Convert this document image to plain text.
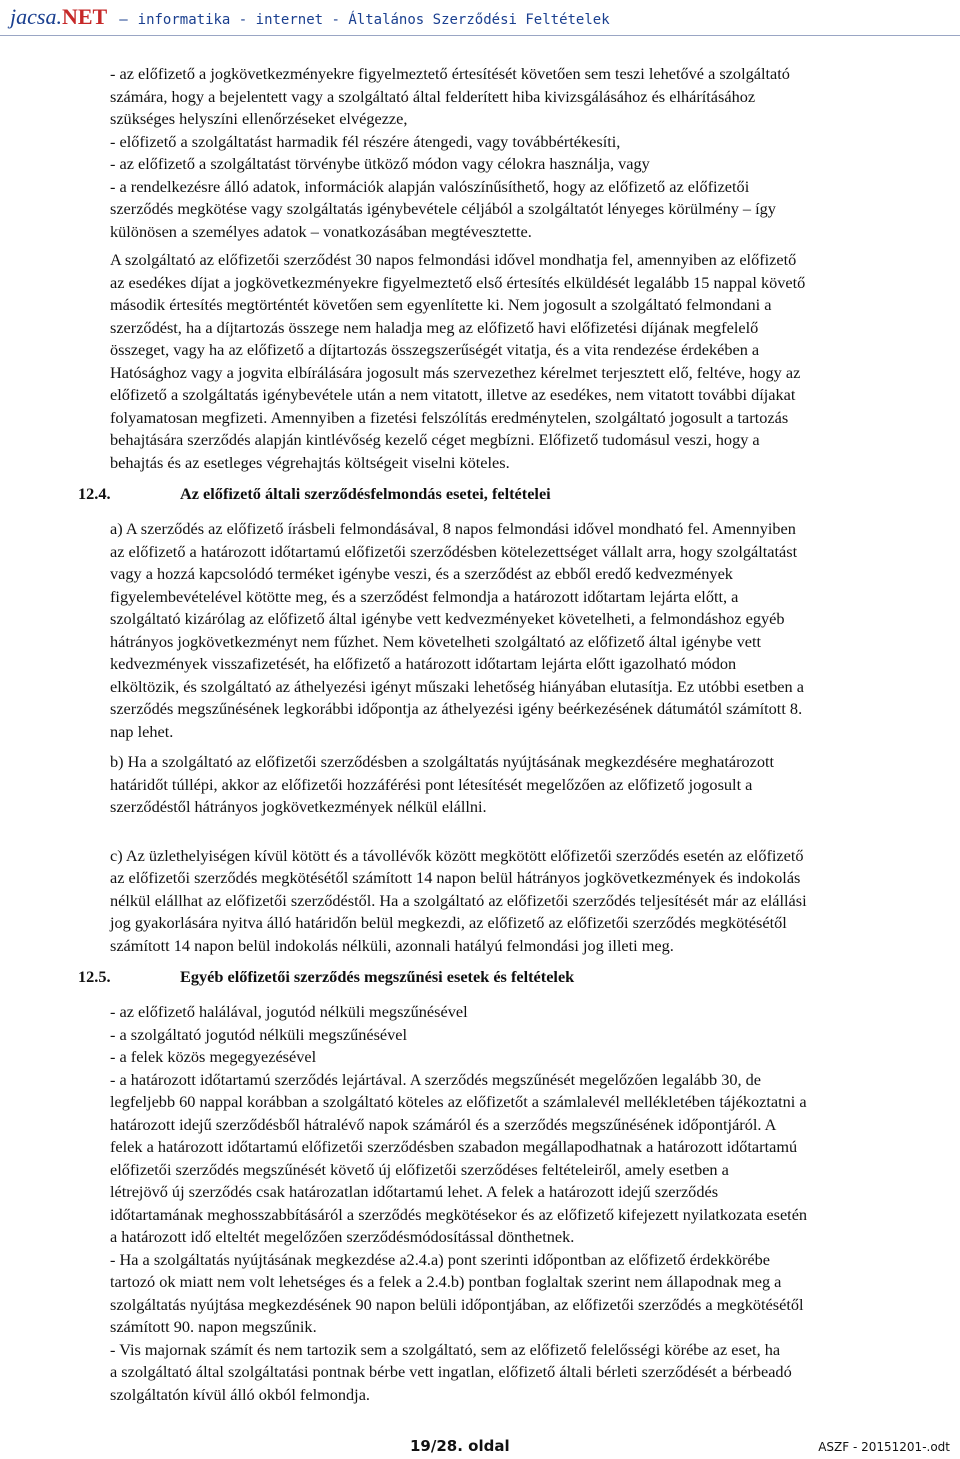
jacsa.NET — informatika - internet - Általános Szerződési Feltételek
- az előfizető a jogkövetkezményekre figyelmeztető értesítését követően sem teszi lehetővé a szolgáltató
számára, hogy a bejelentett vagy a szolgáltató által felderített hiba kivizsgálásához és elhárításához
szükséges helyszíni ellenőrzéseket elvégezze,
- előfizető a szolgáltatást harmadik fél részére átengedi, vagy továbbértékesíti,
- az előfizető a szolgáltatást törvénybe ütköző módon vagy célokra használja, vagy
- a rendelkezésre álló adatok, információk alapján valószínűsíthető, hogy az előfizető az előfizetői
szerződés megkötése vagy szolgáltatás igénybevétele céljából a szolgáltatót lényeges körülmény – így
különösen a személyes adatok – vonatkozásában megtévesztette.
A szolgáltató az előfizetői szerződést 30 napos felmondási idővel mondhatja fel, amennyiben az előfizető
az esedékes díjat a jogkövetkezményekre figyelmeztető első értesítés elküldését legalább 15 nappal követő
második értesítés megtörténtét követően sem egyenlítette ki. Nem jogosult a szolgáltató felmondani a
szerződést, ha a díjtartozás összege nem haladja meg az előfizető havi előfizetési díjának megfelelő
összeget, vagy ha az előfizető a díjtartozás összegszerűségét vitatja, és a vita rendezése érdekében a
Hatósághoz vagy a jogvita elbírálására jogosult más szervezethez kérelmet terjesztett elő, feltéve, hogy az
előfizető a szolgáltatás igénybevétele után a nem vitatott, illetve az esedékes, nem vitatott további díjakat
folyamatosan megfizeti. Amennyiben a fizetési felszólítás eredménytelen, szolgáltató jogosult a tartozás
behajtására szerződés alapján kintlévőség kezelő céget megbízni. Előfizető tudomásul veszi, hogy a
behajtás és az esetleges végrehajtás költségeit viselni köteles.
12.4.	Az előfizető általi szerződésfelmondás esetei, feltételei
a) A szerződés az előfizető írásbeli felmondásával, 8 napos felmondási idővel mondható fel. Amennyiben
az előfizető a határozott időtartamú előfizetői szerződésben kötelezettséget vállalt arra, hogy szolgáltatást
vagy a hozzá kapcsolódó terméket igénybe veszi, és a szerződést az ebből eredő kedvezmények
figyelembevételével kötötte meg, és a szerződést felmondja a határozott időtartam lejárta előtt, a
szolgáltató kizárólag az előfizető által igénybe vett kedvezményeket követelheti, a felmondáshoz egyéb
hátrányos jogkövetkezményt nem fűzhet. Nem követelheti szolgáltató az előfizető által igénybe vett
kedvezmények visszafizetését, ha előfizető a határozott időtartam lejárta előtt igazolható módon
elköltözik, és szolgáltató az áthelyezési igényt műszaki lehetőség hiányában elutasítja. Ez utóbbi esetben a
szerződés megszűnésének legkorábbi időpontja az áthelyezési igény beérkezésének dátumától számított 8.
nap lehet.
b) Ha a szolgáltató az előfizetői szerződésben a szolgáltatás nyújtásának megkezdésére meghatározott
határidőt túllépi, akkor az előfizetői hozzáférési pont létesítését megelőzően az előfizető jogosult a
szerződéstől hátrányos jogkövetkezmények nélkül elállni.
c) Az üzlethelyiségen kívül kötött és a távollévők között megkötött előfizetői szerződés esetén az előfizető
az előfizetői szerződés megkötésétől számított 14 napon belül hátrányos jogkövetkezmények és indokolás
nélkül elállhat az előfizetői szerződéstől. Ha a szolgáltató az előfizetői szerződés teljesítését már az elállási
jog gyakorlására nyitva álló határidőn belül megkezdi, az előfizető az előfizetői szerződés megkötésétől
számított 14 napon belül indokolás nélküli, azonnali hatályú felmondási jog illeti meg.
12.5.	Egyéb előfizetői szerződés megszűnési esetek és feltételek
- az előfizető halálával, jogutód nélküli megszűnésével
- a szolgáltató jogutód nélküli megszűnésével
- a felek közös megegyezésével
- a határozott időtartamú szerződés lejártával. A szerződés megszűnését megelőzően legalább 30, de
legfeljebb 60 nappal korábban a szolgáltató köteles az előfizetőt a számlalevél mellékletében tájékoztatni a
határozott idejű szerződésből hátralévő napok számáról és a szerződés megszűnésének időpontjáról. A
felek a határozott időtartamú előfizetői szerződésben szabadon megállapodhatnak a határozott időtartamú
előfizetői szerződés megszűnését követő új előfizetői szerződéses feltételeiről, amely esetben a
létrejövő új szerződés csak határozatlan időtartamú lehet. A felek a határozott idejű szerződés
időtartamának meghosszabbításáról a szerződés megkötésekor és az előfizető kifejezett nyilatkozata esetén
a határozott idő elteltét megelőzően szerződésmódosítással dönthetnek.
- Ha a szolgáltatás nyújtásának megkezdése a2.4.a) pont szerinti időpontban az előfizető érdekkörébe
tartozó ok miatt nem volt lehetséges és a felek a 2.4.b) pontban foglaltak szerint nem állapodnak meg a
szolgáltatás nyújtása megkezdésének 90 napon belüli időpontjában, az előfizetői szerződés a megkötésétől
számított 90. napon megszűnik.
- Vis majornak számít és nem tartozik sem a szolgáltató, sem az előfizető felelősségi körébe az eset, ha
a szolgáltató által szolgáltatási pontnak bérbe vett ingatlan, előfizető általi bérleti szerződését a bérbeadó
szolgáltatón kívül álló okból felmondja.
19/28. oldal	ASZF - 20151201-.odt
